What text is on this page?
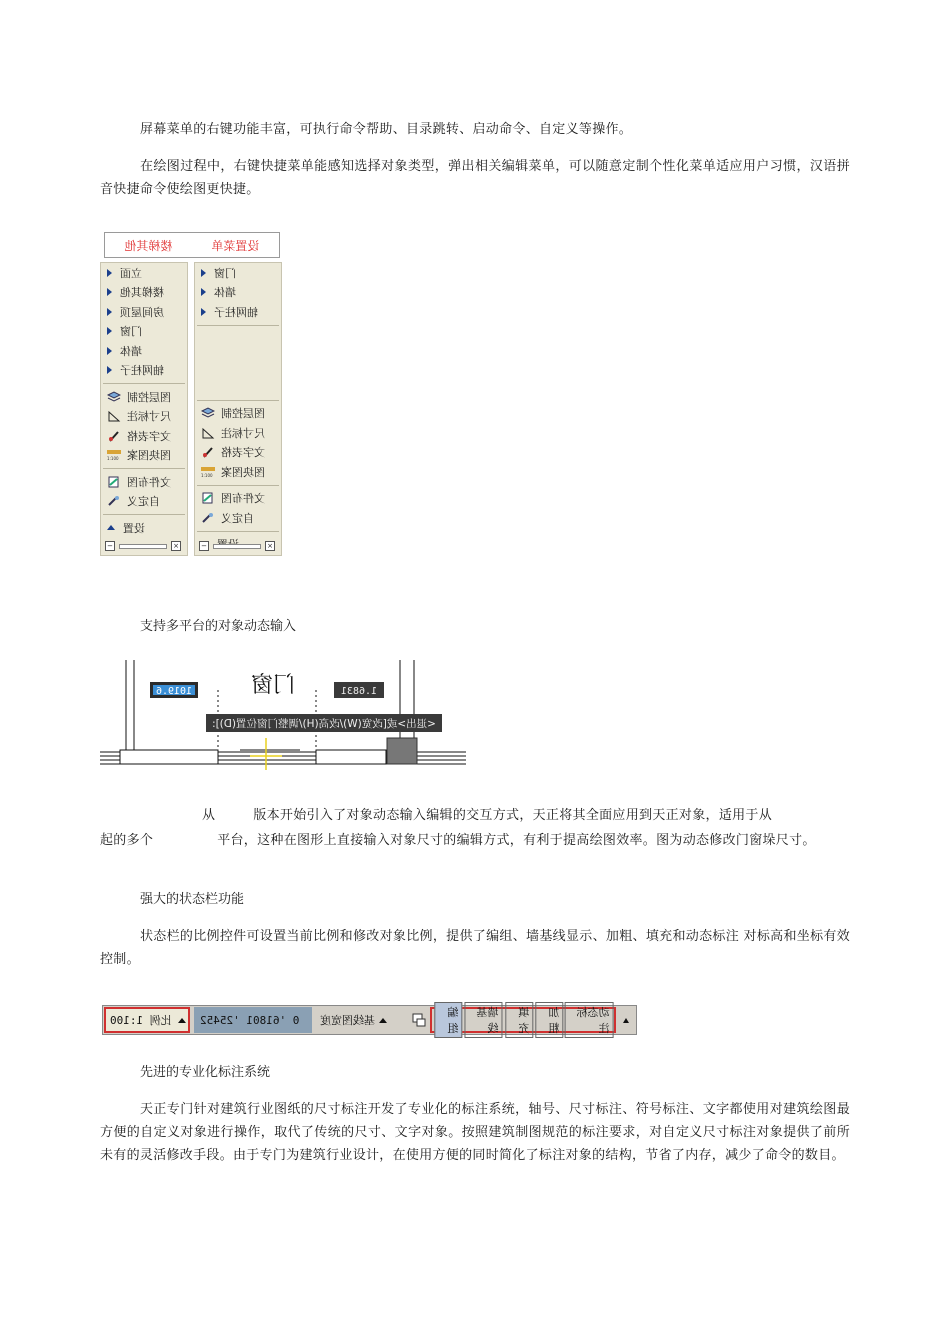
屏幕菜单的右键功能丰富，可执行命令帮助、目录跳转、启动命令、自定义等操作。
在绘图过程中，右键快捷菜单能感知选择对象类型，弹出相关编辑菜单，可以随意定制个性化菜单适应用户习惯，汉语拼音快捷命令使绘图更快捷。
设置菜单
楼梯其他
立面
楼梯其他
房间屋顶
门窗
墙体
轴网柱子
图层控制
尺寸标注
文字表格
1:100 图块图案
文件布图
自定义
设置
−	×
门窗
墙体
轴网柱子
图层控制
尺寸标注
文字表格
1:100 图块图案
文件布图
自定义
−	×
支持多平台的对象动态输入
1019.6	1.6831
门窗
<退出>或[改宽(W)/改高(H)/调整门窗位置(D)]:
从	版本开始引入了对象动态输入编辑的交互方式，天正将其全面应用到天正对象，适用于从
起的多个	平台，这种在图形上直接输入对象尺寸的编辑方式，有利于提高绘图效率。图为动态修改门窗垛尺寸。
强大的状态栏功能
状态栏的比例控件可设置当前比例和修改对象比例，提供了编组、墙基线显示、加粗、填充和动态标注 对标高和坐标有效 控制。
比例 1:100	0 '61801 '25452 基线图宽度
编组
墙基线
填充
加粗
动态标注
先进的专业化标注系统
天正专门针对建筑行业图纸的尺寸标注开发了专业化的标注系统，轴号、尺寸标注、符号标注、文字都使用对建筑绘图最方便的自定义对象进行操作，取代了传统的尺寸、文字对象。按照建筑制图规范的标注要求，对自定义尺寸标注对象提供了前所未有的灵活修改手段。由于专门为建筑行业设计，在使用方便的同时简化了标注对象的结构，节省了内存，减少了命令的数目。
